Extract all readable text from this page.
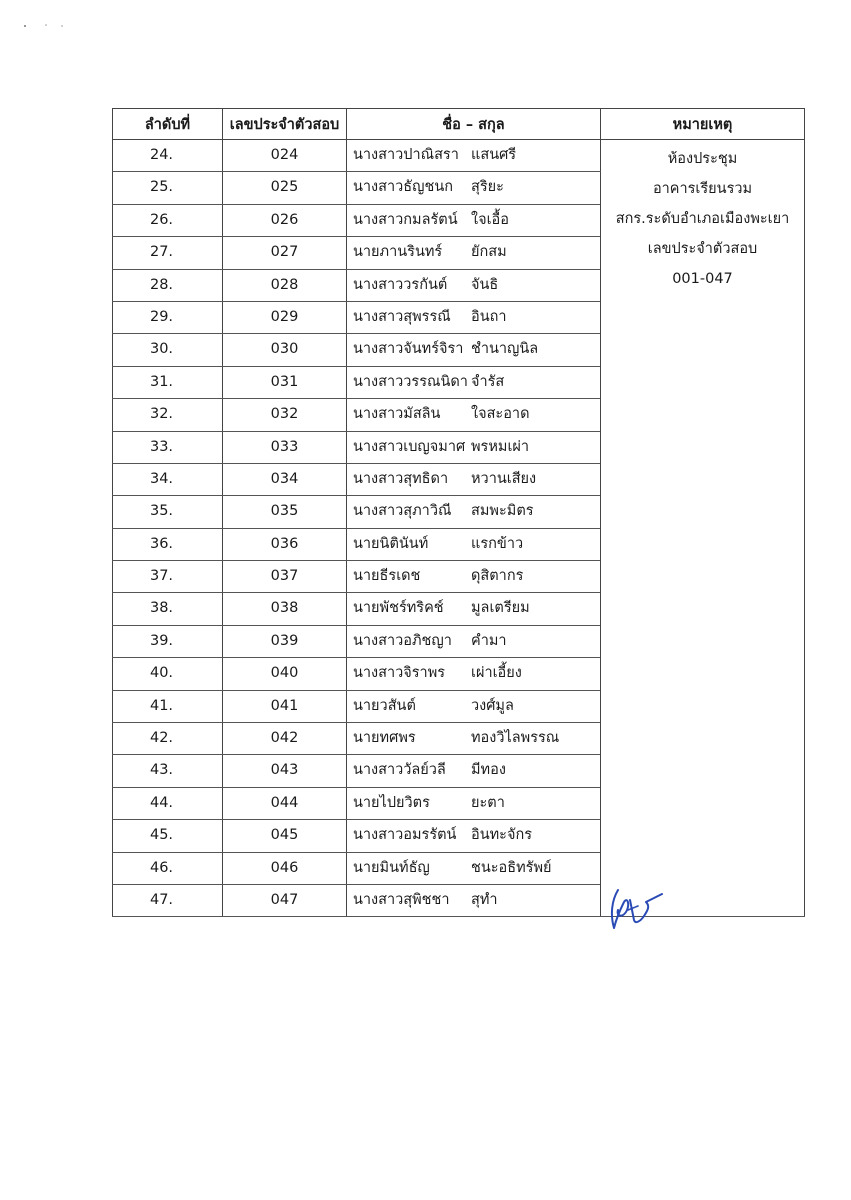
ลำดับที่	เลขประจำตัวสอบ	ชื่อ – สกุล	หมายเหตุ
24.	024	นางสาวปาณิสรา แสนศรี	ห้องประชุม
อาคารเรียนรวม
สกร.ระดับอำเภอเมืองพะเยา
เลขประจำตัวสอบ
001-047

25.	025	นางสาวธัญชนก สุริยะ	
26.	026	นางสาวกมลรัตน์ ใจเอื้อ	
27.	027	นายภานรินทร์ ยักสม	
28.	028	นางสาววรกันต์ จันธิ	
29.	029	นางสาวสุพรรณี อินถา	
30.	030	นางสาวจันทร์จิรา ชำนาญนิล	
31.	031	นางสาววรรณนิดา จำรัส	
32.	032	นางสาวมัสลิน ใจสะอาด	
33.	033	นางสาวเบญจมาศ พรหมเผ่า	
34.	034	นางสาวสุทธิดา หวานเสียง	
35.	035	นางสาวสุภาวิณี สมพะมิตร	
36.	036	นายนิตินันท์ แรกข้าว	
37.	037	นายธีรเดช ดุสิตากร	
38.	038	นายพัชร์ทริคช์ มูลเตรียม	
39.	039	นางสาวอภิชญา คำมา	
40.	040	นางสาวจิราพร เผ่าเอี้ยง	
41.	041	นายวสันต์ วงศ์มูล	
42.	042	นายทศพร ทองวิไลพรรณ	
43.	043	นางสาววัลย์วลี มีทอง	
44.	044	นายไปยวิตร ยะตา	
45.	045	นางสาวอมรรัตน์ อินทะจักร	
46.	046	นายมินท์ธัญ ชนะอธิทรัพย์	
47.	047	นางสาวสุพิชชา สุทำ	
